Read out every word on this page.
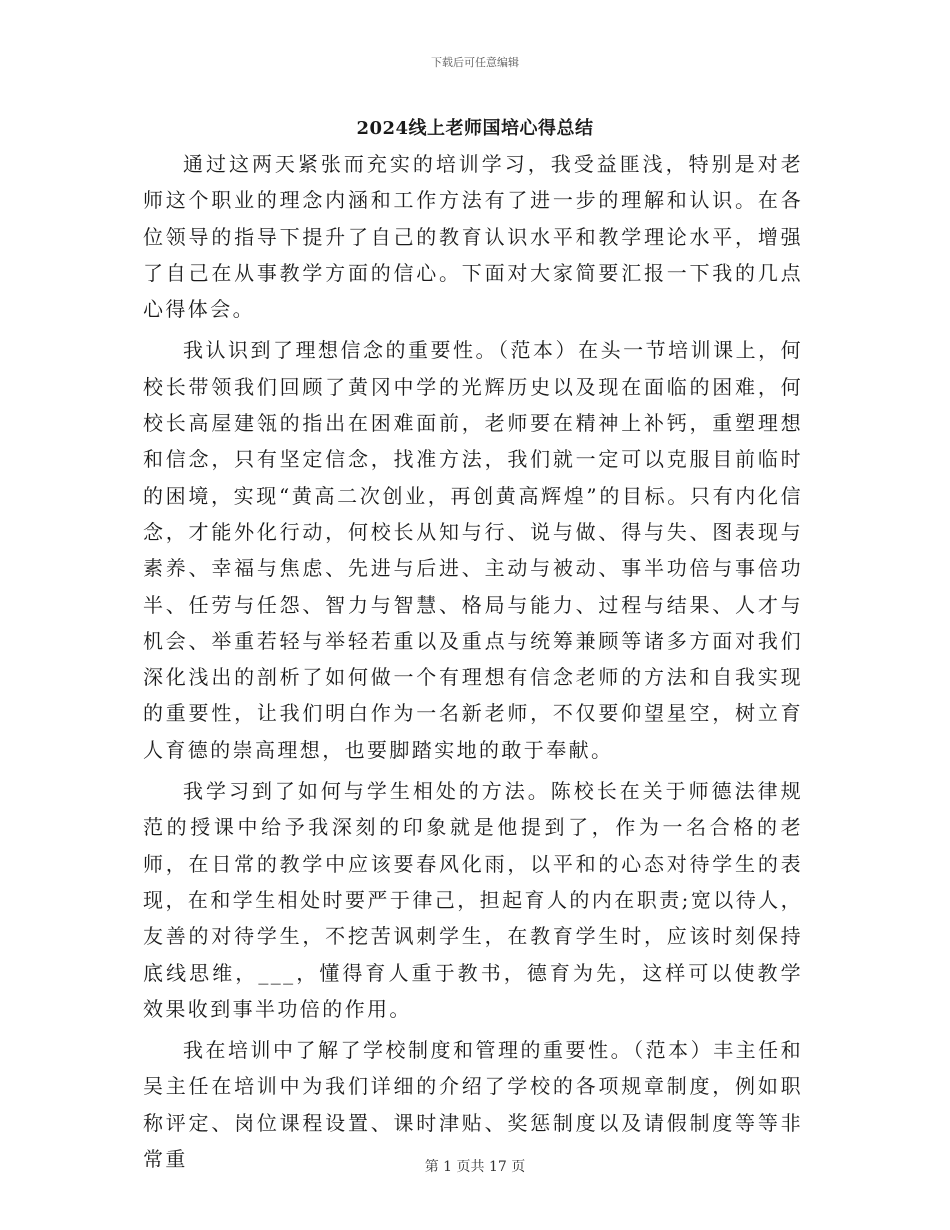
下载后可任意编辑
2024线上老师国培心得总结

通过这两天紧张而充实的培训学习，我受益匪浅，特别是对老师这个职业的理念内涵和工作方法有了进一步的理解和认识。在各位领导的指导下提升了自己的教育认识水平和教学理论水平，增强了自己在从事教学方面的信心。下面对大家简要汇报一下我的几点心得体会。

我认识到了理想信念的重要性。（范本）在头一节培训课上，何校长带领我们回顾了黄冈中学的光辉历史以及现在面临的困难，何校长高屋建瓴的指出在困难面前，老师要在精神上补钙，重塑理想和信念，只有坚定信念，找准方法，我们就一定可以克服目前临时的困境，实现“黄高二次创业，再创黄高辉煌”的目标。只有内化信念，才能外化行动，何校长从知与行、说与做、得与失、图表现与素养、幸福与焦虑、先进与后进、主动与被动、事半功倍与事倍功半、任劳与任怨、智力与智慧、格局与能力、过程与结果、人才与机会、举重若轻与举轻若重以及重点与统筹兼顾等诸多方面对我们深化浅出的剖析了如何做一个有理想有信念老师的方法和自我实现的重要性，让我们明白作为一名新老师，不仅要仰望星空，树立育人育德的崇高理想，也要脚踏实地的敢于奉献。

我学习到了如何与学生相处的方法。陈校长在关于师德法律规范的授课中给予我深刻的印象就是他提到了，作为一名合格的老师，在日常的教学中应该要春风化雨，以平和的心态对待学生的表现，在和学生相处时要严于律己，担起育人的内在职责;宽以待人，友善的对待学生，不挖苦讽刺学生，在教育学生时，应该时刻保持底线思维，___，懂得育人重于教书，德育为先，这样可以使教学效果收到事半功倍的作用。

我在培训中了解了学校制度和管理的重要性。（范本）丰主任和吴主任在培训中为我们详细的介绍了学校的各项规章制度，例如职称评定、岗位课程设置、课时津贴、奖惩制度以及请假制度等等非常重	第 1 页共 17 页
